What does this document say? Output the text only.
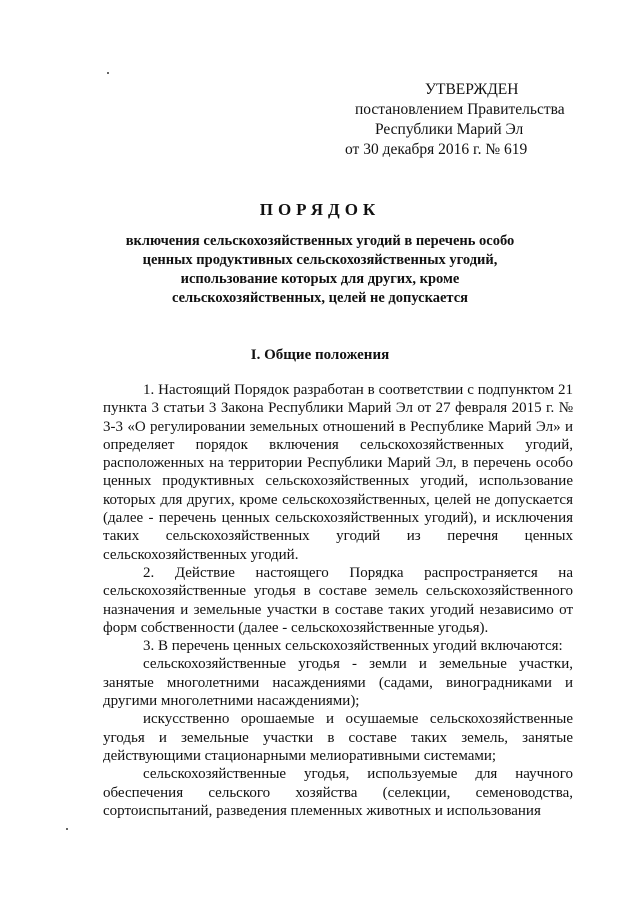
УТВЕРЖДЕН
постановлением Правительства
Республики Марий Эл
от 30 декабря 2016 г. № 619
ПОРЯДОК
включения сельскохозяйственных угодий в перечень особо ценных продуктивных сельскохозяйственных угодий, использование которых для других, кроме сельскохозяйственных, целей не допускается
I. Общие положения

1. Настоящий Порядок разработан в соответствии с подпунктом 21 пункта 3 статьи 3 Закона Республики Марий Эл от 27 февраля 2015 г. № 3-3 «О регулировании земельных отношений в Республике Марий Эл» и определяет порядок включения сельскохозяйственных угодий, расположенных на территории Республики Марий Эл, в перечень особо ценных продуктивных сельскохозяйственных угодий, использование которых для других, кроме сельскохозяйственных, целей не допускается (далее - перечень ценных сельскохозяйственных угодий), и исключения таких сельскохозяйственных угодий из перечня ценных сельскохозяйственных угодий.

2. Действие настоящего Порядка распространяется на сельскохозяйственные угодья в составе земель сельскохозяйственного назначения и земельные участки в составе таких угодий независимо от форм собственности (далее - сельскохозяйственные угодья).

3. В перечень ценных сельскохозяйственных угодий включаются:

сельскохозяйственные угодья - земли и земельные участки, занятые многолетними насаждениями (садами, виноградниками и другими многолетними насаждениями);

искусственно орошаемые и осушаемые сельскохозяйственные угодья и земельные участки в составе таких земель, занятые действующими стационарными мелиоративными системами;

сельскохозяйственные угодья, используемые для научного обеспечения сельского хозяйства (селекции, семеноводства, сортоиспытаний, разведения племенных животных и использования
